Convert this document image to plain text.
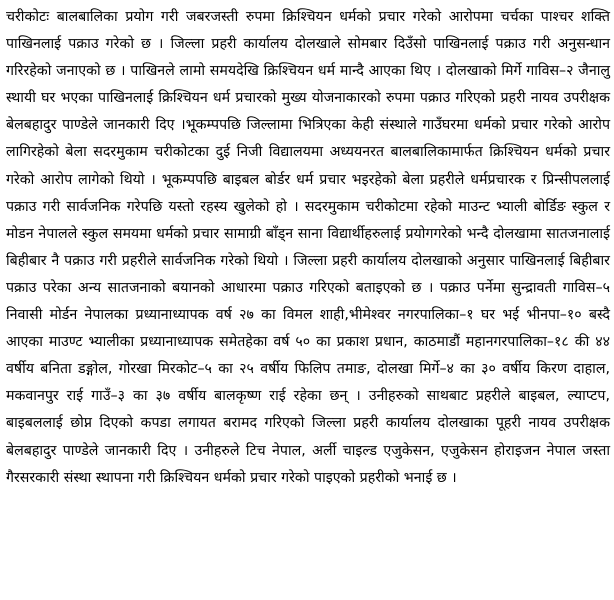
चरीकोटः बालबालिका प्रयोग गरी जबरजस्ती रुपमा क्रिश्चियन धर्मको प्रचार गरेको आरोपमा चर्चका पाश्चर शक्ति पाखिनलाई पक्राउ गरेको छ । जिल्ला प्रहरी कार्यालय दोलखाले सोमबार दिउँसो पाखिनलाई पक्राउ गरी अनुसन्धान गरिरहेको जनाएको छ । पाखिनले लामो समयदेखि क्रिश्चियन धर्म मान्दै आएका थिए । दोलखाको मिर्गे गाविस–२ जैनालु स्थायी घर भएका पाखिनलाई क्रिश्चियन धर्म प्रचारको मुख्य योजनाकारको रुपमा पक्राउ गरिएको प्रहरी नायव उपरीक्षक बेलबहादुर पाण्डेले जानकारी दिए ।भूकम्पपछि जिल्लामा भित्रिएका केही संस्थाले गाउँघरमा धर्मको प्रचार गरेको आरोप लागिरहेको बेला सदरमुकाम चरीकोटका दुई निजी विद्यालयमा अध्ययनरत बालबालिकामार्फत क्रिश्चियन धर्मको प्रचार गरेको आरोप लागेको थियो । भूकम्पपछि बाइबल बोर्डर धर्म प्रचार भइरहेको बेला प्रहरीले धर्मप्रचारक र प्रिन्सीपललाई पक्राउ गरी सार्वजनिक गरेपछि यस्तो रहस्य खुलेको हो । सदरमुकाम चरीकोटमा रहेको माउन्ट भ्याली बोर्डिङ स्कुल र मोडन नेपालले स्कुल समयमा धर्मको प्रचार सामाग्री बाँड्न साना विद्यार्थीहरुलाई प्रयोगगरेको भन्दै दोलखामा सातजनालाई बिहीबार नै पक्राउ गरी प्रहरीले सार्वजनिक गरेको थियो । जिल्ला प्रहरी कार्यालय दोलखाको अनुसार पाखिनलाई बिहीबार पक्राउ परेका अन्य सातजनाको बयानको आधारमा पक्राउ गरिएको बताइएको छ । पक्राउ पर्नेमा सुन्द्रावती गाविस–५ निवासी मोर्डन नेपालका प्रध्यानाध्यापक वर्ष २७ का विमल शाही,भीमेश्वर नगरपालिका–१ घर भई भीनपा–१० बस्दै आएका माउण्ट भ्यालीका प्रध्यानाध्यापक समेतहेका वर्ष ५० का प्रकाश प्रधान, काठमाडौं महानगरपालिका–१८ की ४४ वर्षीय बनिता डङ्गोल, गोरखा मिरकोट–५ का २५ वर्षीय फिलिप तमाङ, दोलखा मिर्गे–४ का ३० वर्षीय किरण दाहाल, मकवानपुर राई गाउँ–३ का ३७ वर्षीय बालकृष्ण राई रहेका छन् । उनीहरुको साथबाट प्रहरीले बाइबल, ल्याप्टप, बाइबललाई छोप्न दिएको कपडा लगायत बरामद गरिएको जिल्ला प्रहरी कार्यालय दोलखाका पूहरी नायव उपरीक्षक बेलबहादुर पाण्डेले जानकारी दिए । उनीहरुले टिच नेपाल, अर्ली चाइल्ड एजुकेसन, एजुकेसन होराइजन नेपाल जस्ता गैरसरकारी संस्था स्थापना गरी क्रिश्चियन धर्मको प्रचार गरेको पाइएको प्रहरीको भनाई छ ।
